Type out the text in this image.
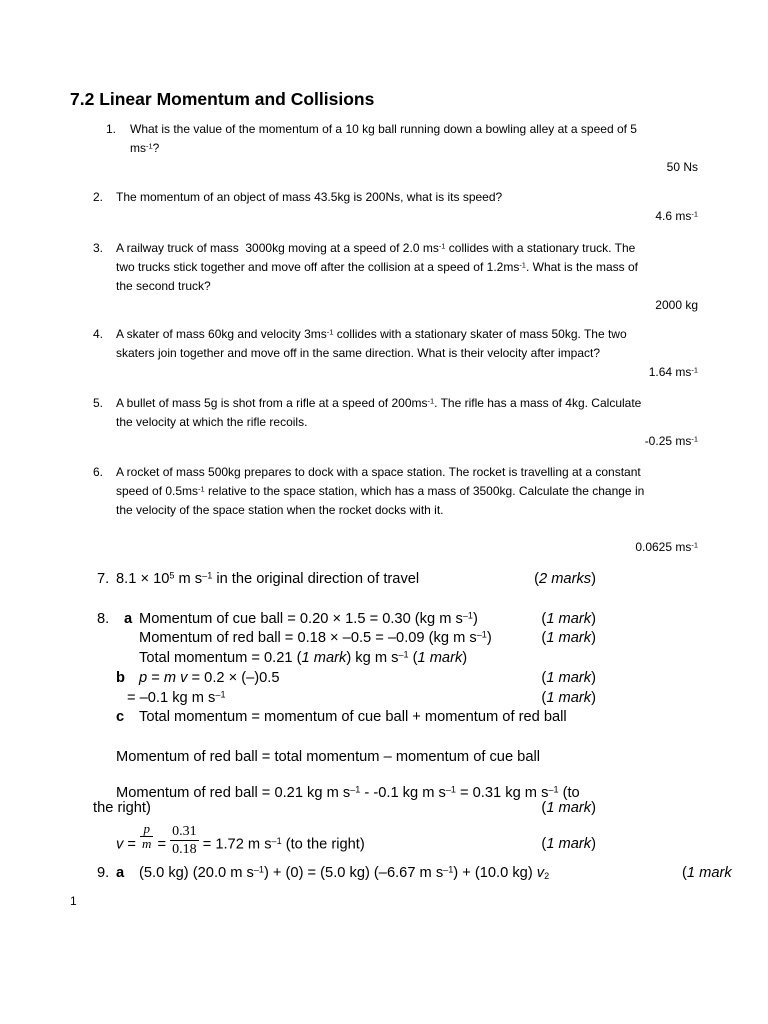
7.2 Linear Momentum and Collisions
1. What is the value of the momentum of a 10 kg ball running down a bowling alley at a speed of 5
$ms^{-1}$?
50 Ns
2. The momentum of an object of mass 43.5kg is 200Ns, what is its speed?
4.6 $ms^{-1}$
3. A railway truck of mass  3000kg moving at a speed of 2.0 $ms^{-1}$ collides with a stationary truck. The
two trucks stick together and move off after the collision at a speed of $1.2ms^{-1}$. What is the mass of
the second truck?
2000 kg
4. A skater of mass 60kg and velocity $3ms^{-1}$ collides with a stationary skater of mass 50kg. The two
skaters join together and move off in the same direction. What is their velocity after impact?
1.64 $ms^{-1}$
5. A bullet of mass 5g is shot from a rifle at a speed of $200ms^{-1}$. The rifle has a mass of 4kg. Calculate
the velocity at which the rifle recoils.
-0.25 $ms^{-1}$
6. A rocket of mass 500kg prepares to dock with a space station. The rocket is travelling at a constant
speed of $0.5ms^{-1}$ relative to the space station, which has a mass of 3500kg. Calculate the change in
the velocity of the space station when the rocket docks with it.
0.0625 $ms^{-1}$
7. $8.1 \times 10^5$ m $s^{-1}$ in the original direction of travel	(2 marks)
8. a Momentum of cue ball = 0.20 × 1.5 = 0.30 (kg m $s^{-1}$)	(1 mark)
Momentum of red ball = 0.18 × –0.5 = –0.09 (kg m $s^{-1}$)	(1 mark)
Total momentum = 0.21 (1 mark) kg m $s^{-1}$ (1 mark)
b p = m v = 0.2 × (–)0.5	(1 mark)
= –0.1 kg m $s^{-1}$	(1 mark)
c Total momentum = momentum of cue ball + momentum of red ball
Momentum of red ball = total momentum – momentum of cue ball
Momentum of red ball = 0.21 kg m $s^{-1} - -0.1$ kg m $s^{-1} = 0.31$ kg m $s^{-1}$ (to
the right)	(1 mark)
$v = \frac{p}{m} = \frac{0.31}{0.18} = 1.72$ m $s^{-1}$ (to the right)	(1 mark)
9. a (5.0 kg) (20.0 m $s^{-1}) + (0) = (5.0$ kg) (–6.67 m $s^{-1}) + (10.0$ kg) $v_2$	(1 mark
1
